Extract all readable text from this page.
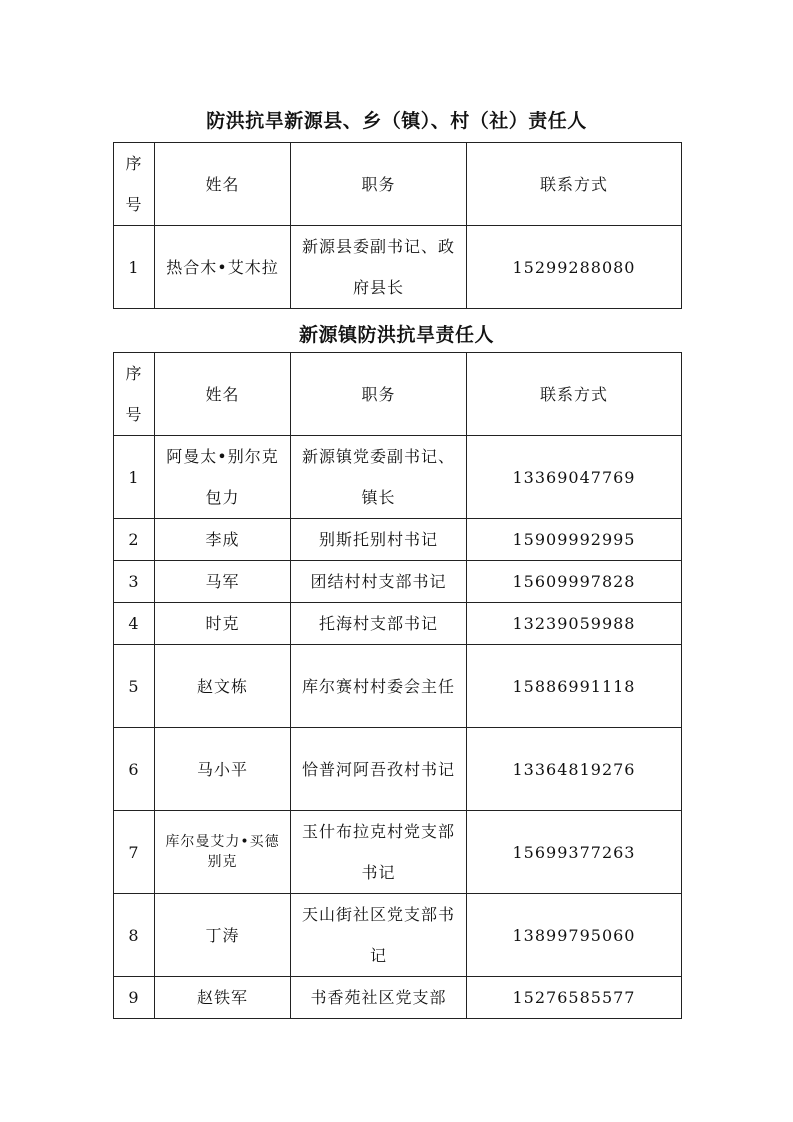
防洪抗旱新源县、乡（镇）、村（社）责任人
序号	姓名	职务	联系方式
1	热合木•艾木拉	新源县委副书记、政府县长	15299288080
新源镇防洪抗旱责任人
序号	姓名	职务	联系方式
1	阿曼太•别尔克包力	新源镇党委副书记、镇长	13369047769
2	李成	别斯托别村书记	15909992995
3	马军	团结村村支部书记	15609997828
4	时克	托海村支部书记	13239059988
5	赵文栋	库尔赛村村委会主任	15886991118
6	马小平	恰普河阿吾孜村书记	13364819276
7	库尔曼艾力•买德别克	玉什布拉克村党支部书记	15699377263
8	丁涛	天山街社区党支部书记	13899795060
9	赵铁军	书香苑社区党支部	15276585577
